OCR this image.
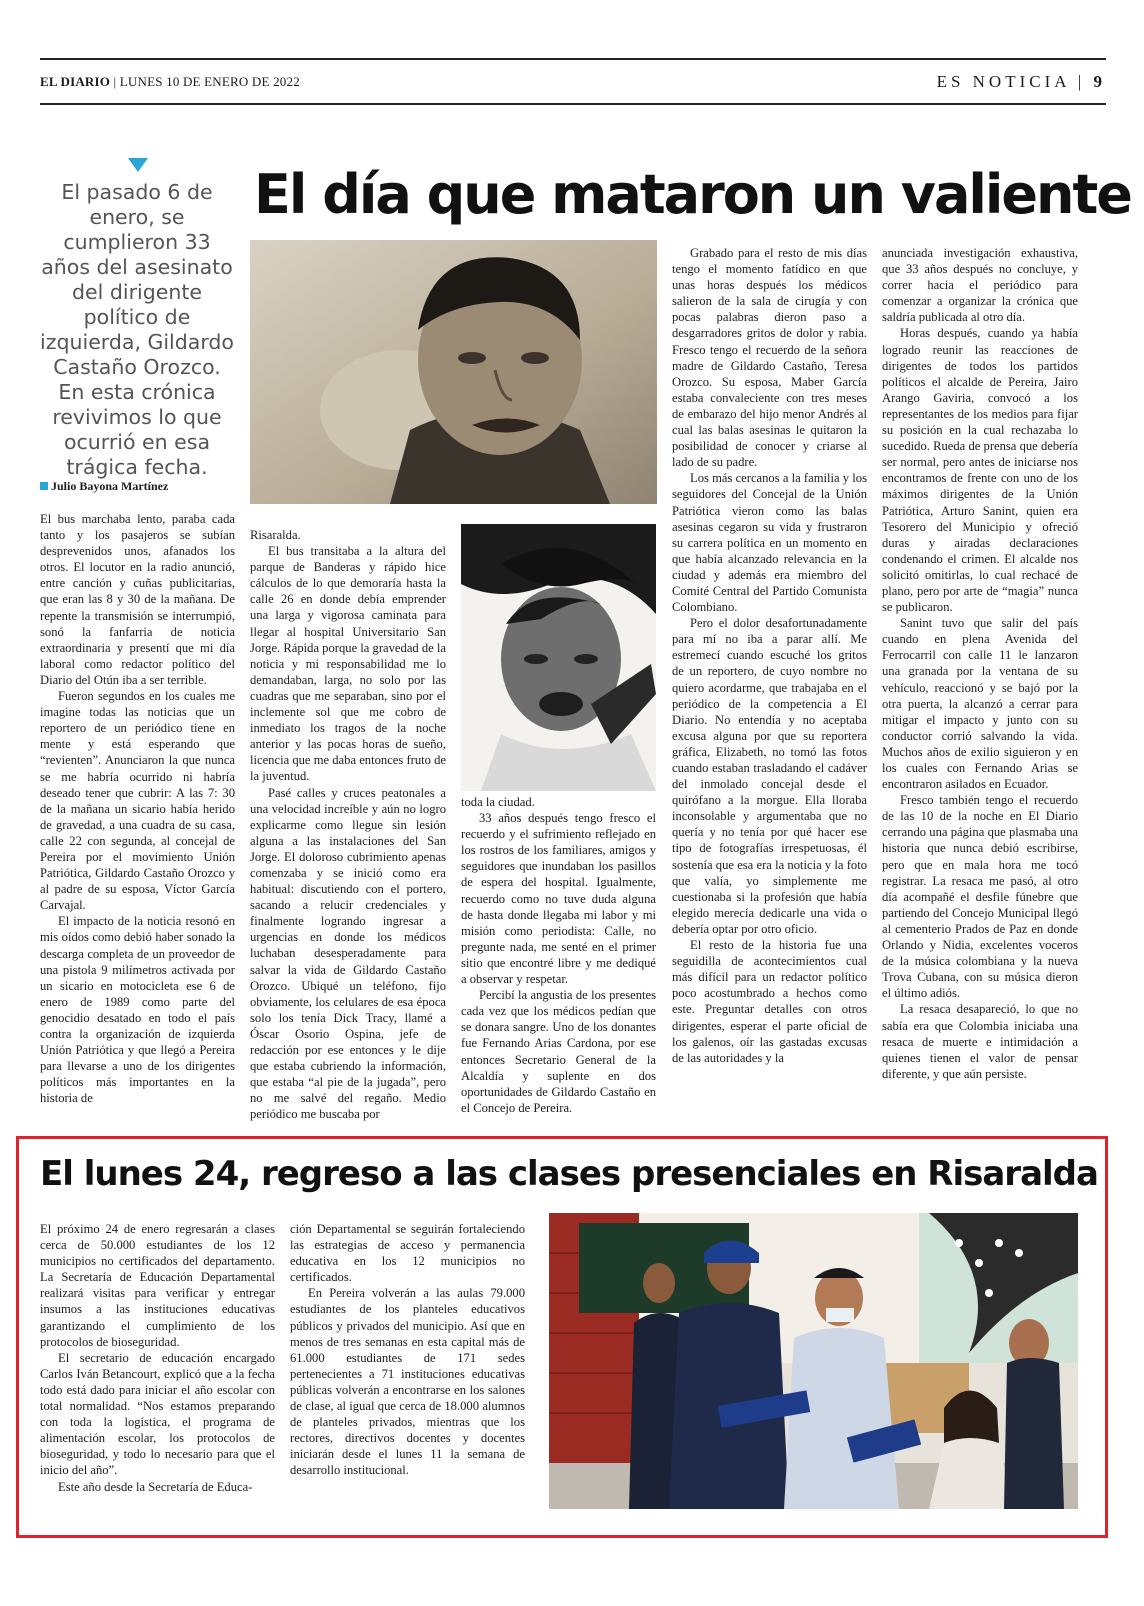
EL DIARIO | LUNES 10 DE ENERO DE 2022	ES NOTICIA | 9
El pasado 6 de enero, se cumplieron 33 años del asesinato del dirigente político de izquierda, Gildardo Castaño Orozco. En esta crónica revivimos lo que ocurrió en esa trágica fecha.
Julio Bayona Martínez
El día que mataron un valiente

El bus marchaba lento, paraba cada tanto y los pasajeros se subían desprevenidos unos, afanados los otros. El locutor en la radio anunció, entre canción y cuñas publicitarias, que eran las 8 y 30 de la mañana. De repente la transmisión se interrumpió, sonó la fanfarria de noticia extraordinaria y presentí que mi día laboral como redactor político del Diario del Otún iba a ser terrible.

Fueron segundos en los cuales me imagine todas las noticias que un reportero de un periódico tiene en mente y está esperando que “revienten”. Anunciaron la que nunca se me habría ocurrido ni habría deseado tener que cubrir: A las 7: 30 de la mañana un sicario había herido de gravedad, a una cuadra de su casa, calle 22 con segunda, al concejal de Pereira por el movimiento Unión Patriótica, Gildardo Castaño Orozco y al padre de su esposa, Víctor García Carvajal.

El impacto de la noticia resonó en mis oídos como debió haber sonado la descarga completa de un proveedor de una pistola 9 milímetros activada por un sicario en motocicleta ese 6 de enero de 1989 como parte del genocidio desatado en todo el país contra la organización de izquierda Unión Patriótica y que llegó a Pereira para llevarse a uno de los dirigentes políticos más importantes en la historia de

Risaralda.

El bus transitaba a la altura del parque de Banderas y rápido hice cálculos de lo que demoraría hasta la calle 26 en donde debía emprender una larga y vigorosa caminata para llegar al hospital Universitario San Jorge. Rápida porque la gravedad de la noticia y mi responsabilidad me lo demandaban, larga, no solo por las cuadras que me separaban, sino por el inclemente sol que me cobro de inmediato los tragos de la noche anterior y las pocas horas de sueño, licencia que me daba entonces fruto de la juventud.

Pasé calles y cruces peatonales a una velocidad increíble y aún no logro explicarme como llegue sin lesión alguna a las instalaciones del San Jorge. El doloroso cubrimiento apenas comenzaba y se inició como era habitual: discutiendo con el portero, sacando a relucir credenciales y finalmente logrando ingresar a urgencias en donde los médicos luchaban desesperadamente para salvar la vida de Gildardo Castaño Orozco. Ubiqué un teléfono, fijo obviamente, los celulares de esa época solo los tenía Dick Tracy, llamé a Óscar Osorio Ospina, jefe de redacción por ese entonces y le dije que estaba cubriendo la información, que estaba “al pie de la jugada”, pero no me salvé del regaño. Medio periódico me buscaba por

toda la ciudad.

33 años después tengo fresco el recuerdo y el sufrimiento reflejado en los rostros de los familiares, amigos y seguidores que inundaban los pasillos de espera del hospital. Igualmente, recuerdo como no tuve duda alguna de hasta donde llegaba mi labor y mi misión como periodista: Calle, no pregunte nada, me senté en el primer sitio que encontré libre y me dediqué a observar y respetar.

Percibí la angustia de los presentes cada vez que los médicos pedían que se donara sangre. Uno de los donantes fue Fernando Arias Cardona, por ese entonces Secretario General de la Alcaldía y suplente en dos oportunidades de Gildardo Castaño en el Concejo de Pereira.

Grabado para el resto de mis días tengo el momento fatídico en que unas horas después los médicos salieron de la sala de cirugía y con pocas palabras dieron paso a desgarradores gritos de dolor y rabia. Fresco tengo el recuerdo de la señora madre de Gildardo Castaño, Teresa Orozco. Su esposa, Maber García estaba convaleciente con tres meses de embarazo del hijo menor Andrés al cual las balas asesinas le quitaron la posibilidad de conocer y criarse al lado de su padre.

Los más cercanos a la familia y los seguidores del Concejal de la Unión Patriótica vieron como las balas asesinas cegaron su vida y frustraron su carrera política en un momento en que había alcanzado relevancia en la ciudad y además era miembro del Comité Central del Partido Comunista Colombiano.

Pero el dolor desafortunadamente para mí no iba a parar allí. Me estremecí cuando escuché los gritos de un reportero, de cuyo nombre no quiero acordarme, que trabajaba en el periódico de la competencia a El Diario. No entendía y no aceptaba excusa alguna por que su reportera gráfica, Elizabeth, no tomó las fotos cuando estaban trasladando el cadáver del inmolado concejal desde el quirófano a la morgue. Ella lloraba inconsolable y argumentaba que no quería y no tenía por qué hacer ese tipo de fotografías irrespetuosas, él sostenía que esa era la noticia y la foto que valía, yo simplemente me cuestionaba si la profesión que había elegido merecía dedicarle una vida o debería optar por otro oficio.

El resto de la historia fue una seguidilla de acontecimientos cual más difícil para un redactor político poco acostumbrado a hechos como este. Preguntar detalles con otros dirigentes, esperar el parte oficial de los galenos, oír las gastadas excusas de las autoridades y la

anunciada investigación exhaustiva, que 33 años después no concluye, y correr hacia el periódico para comenzar a organizar la crónica que saldría publicada al otro día.

Horas después, cuando ya había logrado reunir las reacciones de dirigentes de todos los partidos políticos el alcalde de Pereira, Jairo Arango Gaviria, convocó a los representantes de los medios para fijar su posición en la cual rechazaba lo sucedido. Rueda de prensa que debería ser normal, pero antes de iniciarse nos encontramos de frente con uno de los máximos dirigentes de la Unión Patriótica, Arturo Sanint, quien era Tesorero del Municipio y ofreció duras y airadas declaraciones condenando el crimen. El alcalde nos solicitó omitirlas, lo cual rechacé de plano, pero por arte de “magia” nunca se publicaron.

Sanint tuvo que salir del país cuando en plena Avenida del Ferrocarril con calle 11 le lanzaron una granada por la ventana de su vehículo, reaccionó y se bajó por la otra puerta, la alcanzó a cerrar para mitigar el impacto y junto con su conductor corrió salvando la vida. Muchos años de exilio siguieron y en los cuales con Fernando Arias se encontraron asilados en Ecuador.

Fresco también tengo el recuerdo de las 10 de la noche en El Diario cerrando una página que plasmaba una historia que nunca debió escribirse, pero que en mala hora me tocó registrar. La resaca me pasó, al otro día acompañé el desfile fúnebre que partiendo del Concejo Municipal llegó al cementerio Prados de Paz en donde Orlando y Nidia, excelentes voceros de la música colombiana y la nueva Trova Cubana, con su música dieron el último adiós.

La resaca desapareció, lo que no sabía era que Colombia iniciaba una resaca de muerte e intimidación a quienes tienen el valor de pensar diferente, y que aún persiste.

El lunes 24, regreso a las clases presenciales en Risaralda

El próximo 24 de enero regresarán a clases cerca de 50.000 estudiantes de los 12 municipios no certificados del departamento. La Secretaría de Educación Departamental realizará visitas para verificar y entregar insumos a las instituciones educativas garantizando el cumplimiento de los protocolos de bioseguridad.

El secretario de educación encargado Carlos Iván Betancourt, explicó que a la fecha todo está dado para iniciar el año escolar con total normalidad. “Nos estamos preparando con toda la logística, el programa de alimentación escolar, los protocolos de bioseguridad, y todo lo necesario para que el inicio del año”.

Este año desde la Secretaría de Educa-

ción Departamental se seguirán fortaleciendo las estrategias de acceso y permanencia educativa en los 12 municipios no certificados.

En Pereira volverán a las aulas 79.000 estudiantes de los planteles educativos públicos y privados del municipio. Así que en menos de tres semanas en esta capital más de 61.000 estudiantes de 171 sedes pertenecientes a 71 instituciones educativas públicas volverán a encontrarse en los salones de clase, al igual que cerca de 18.000 alumnos de planteles privados, mientras que los rectores, directivos docentes y docentes iniciarán desde el lunes 11 la semana de desarrollo institucional.
